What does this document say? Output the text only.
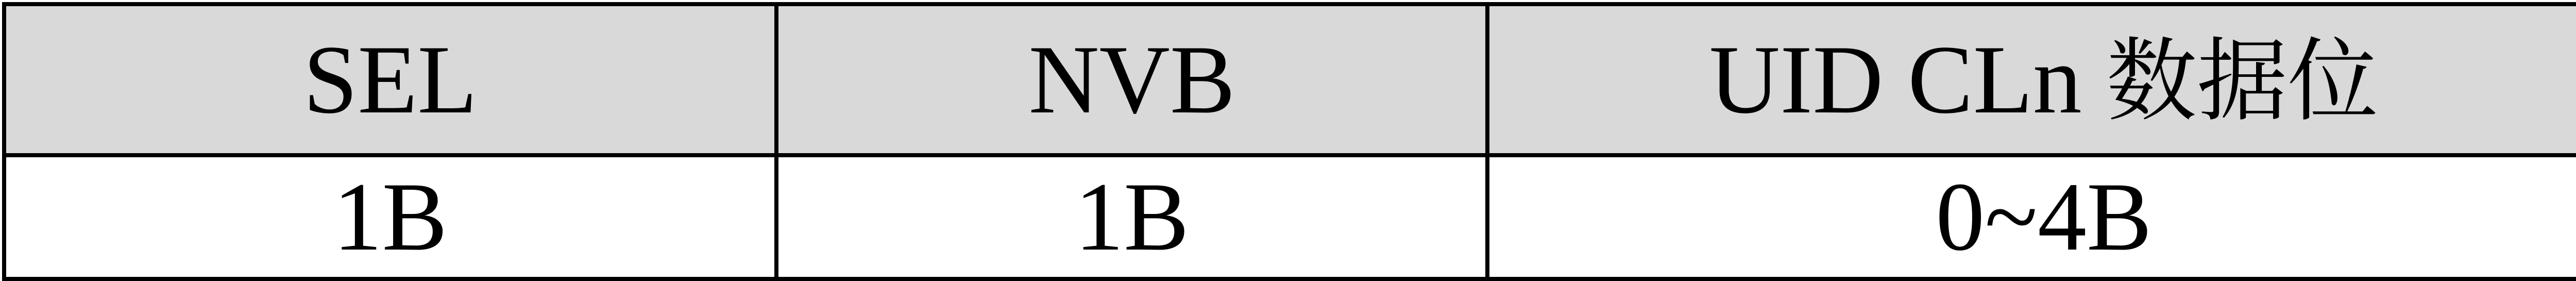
SEL	NVB	UID CLn 数据位	
1B	1B	0~4B	
